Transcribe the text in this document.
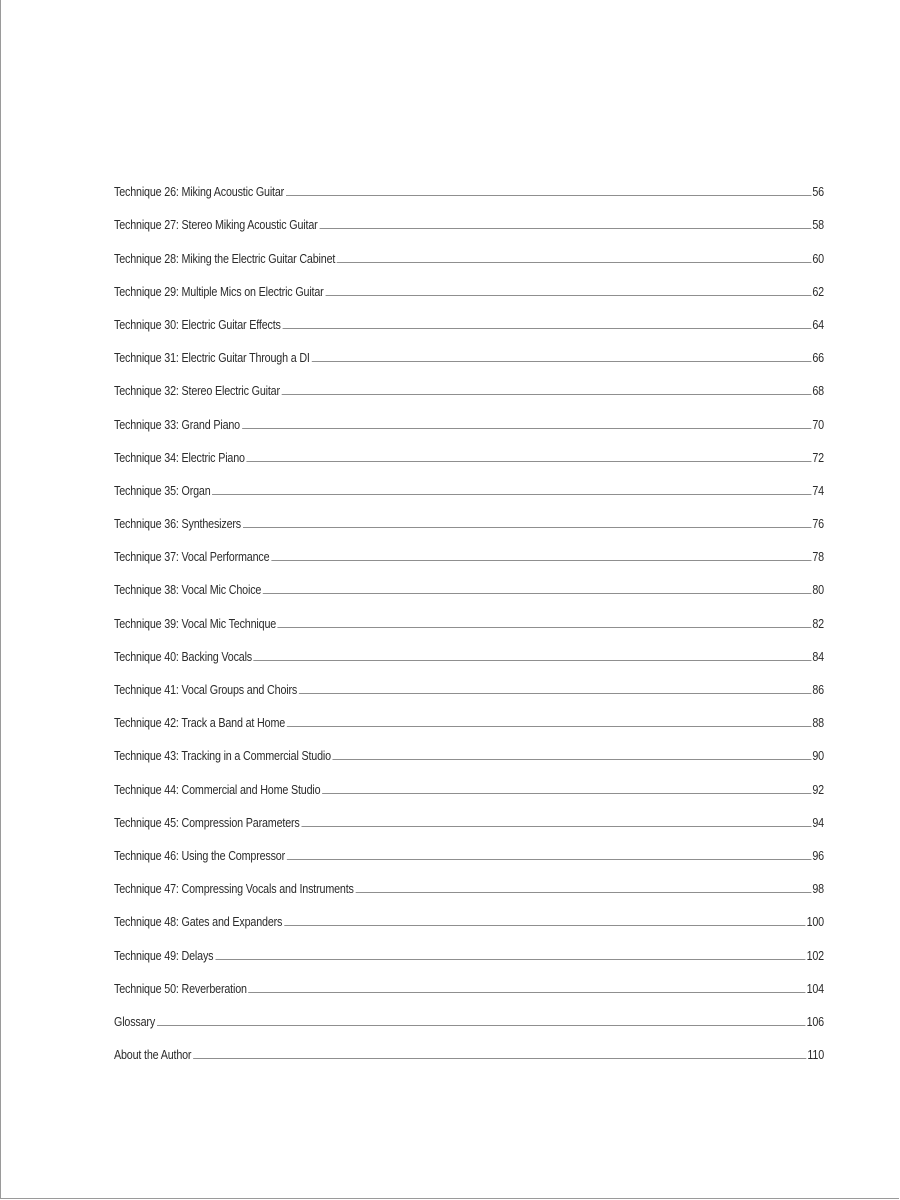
Technique 26: Miking Acoustic Guitar	56
Technique 27: Stereo Miking Acoustic Guitar	58
Technique 28: Miking the Electric Guitar Cabinet	60
Technique 29: Multiple Mics on Electric Guitar	62
Technique 30: Electric Guitar Effects	64
Technique 31: Electric Guitar Through a DI	66
Technique 32: Stereo Electric Guitar	68
Technique 33: Grand Piano	70
Technique 34: Electric Piano	72
Technique 35: Organ	74
Technique 36: Synthesizers	76
Technique 37: Vocal Performance	78
Technique 38: Vocal Mic Choice	80
Technique 39: Vocal Mic Technique	82
Technique 40: Backing Vocals	84
Technique 41: Vocal Groups and Choirs	86
Technique 42: Track a Band at Home	88
Technique 43: Tracking in a Commercial Studio	90
Technique 44: Commercial and Home Studio	92
Technique 45: Compression Parameters	94
Technique 46: Using the Compressor	96
Technique 47: Compressing Vocals and Instruments	98
Technique 48: Gates and Expanders	100
Technique 49: Delays	102
Technique 50: Reverberation	104
Glossary	106
About the Author	110
